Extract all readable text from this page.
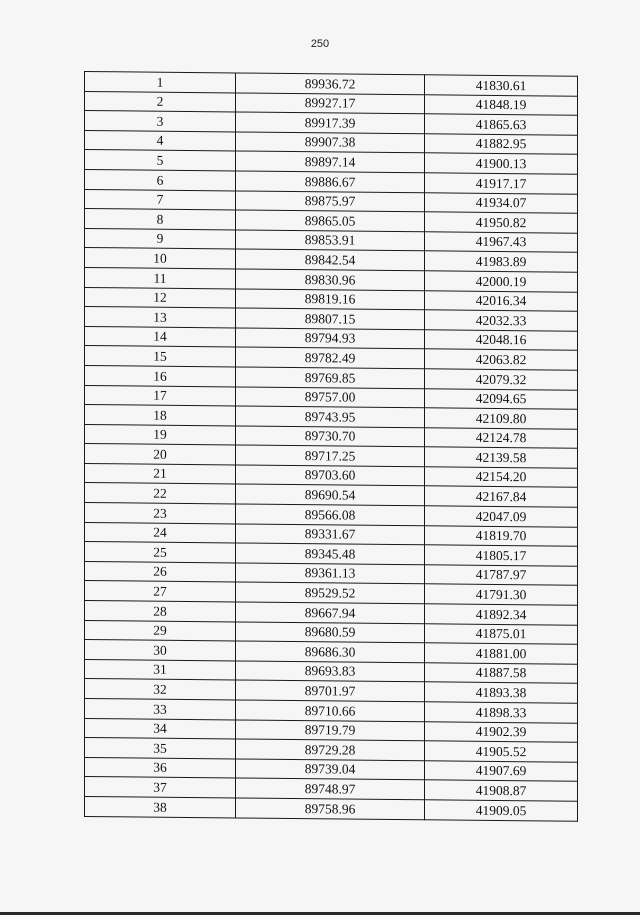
250
1	89936.72	41830.61
2	89927.17	41848.19
3	89917.39	41865.63
4	89907.38	41882.95
5	89897.14	41900.13
6	89886.67	41917.17
7	89875.97	41934.07
8	89865.05	41950.82
9	89853.91	41967.43
10	89842.54	41983.89
11	89830.96	42000.19
12	89819.16	42016.34
13	89807.15	42032.33
14	89794.93	42048.16
15	89782.49	42063.82
16	89769.85	42079.32
17	89757.00	42094.65
18	89743.95	42109.80
19	89730.70	42124.78
20	89717.25	42139.58
21	89703.60	42154.20
22	89690.54	42167.84
23	89566.08	42047.09
24	89331.67	41819.70
25	89345.48	41805.17
26	89361.13	41787.97
27	89529.52	41791.30
28	89667.94	41892.34
29	89680.59	41875.01
30	89686.30	41881.00
31	89693.83	41887.58
32	89701.97	41893.38
33	89710.66	41898.33
34	89719.79	41902.39
35	89729.28	41905.52
36	89739.04	41907.69
37	89748.97	41908.87
38	89758.96	41909.05
